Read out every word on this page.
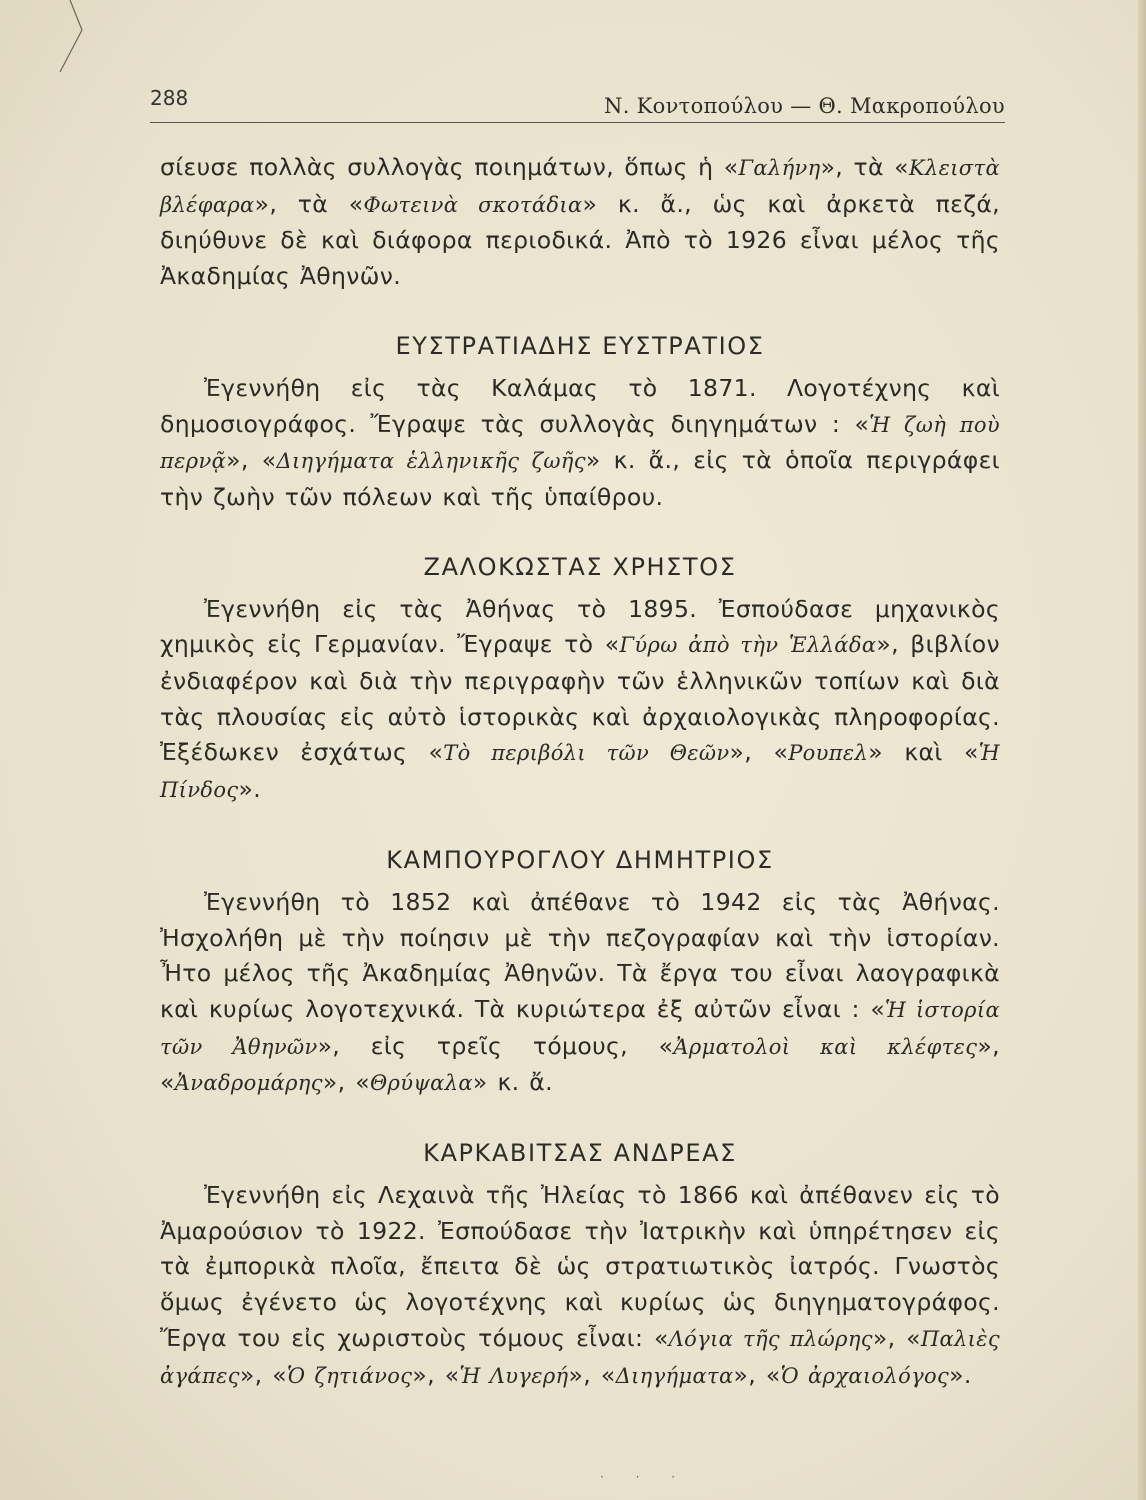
288	Ν. Κοντοπούλου — Θ. Μακροπούλου

σίευσε πολλὰς συλλογὰς ποιημάτων, ὅπως ἡ «Γαλήνη», τὰ «Κλειστὰ βλέφαρα», τὰ «Φωτεινὰ σκοτάδια» κ. ἄ., ὡς καὶ ἀρκετὰ πεζά, διηύθυνε δὲ καὶ διάφορα περιοδικά. Ἀπὸ τὸ 1926 εἶναι μέλος τῆς Ἀκαδημίας Ἀθηνῶν.

ΕΥΣΤΡΑΤΙΑΔΗΣ ΕΥΣΤΡΑΤΙΟΣ

Ἐγεννήθη εἰς τὰς Καλάμας τὸ 1871. Λογοτέχνης καὶ δημοσιογράφος. Ἔγραψε τὰς συλλογὰς διηγημάτων : «Ἡ ζωὴ ποὺ περνᾷ», «Διηγήματα ἑλληνικῆς ζωῆς» κ. ἄ., εἰς τὰ ὁποῖα περιγράφει τὴν ζωὴν τῶν πόλεων καὶ τῆς ὑπαίθρου.

ΖΑΛΟΚΩΣΤΑΣ ΧΡΗΣΤΟΣ

Ἐγεννήθη εἰς τὰς Ἀθήνας τὸ 1895. Ἐσπούδασε μηχανικὸς χημικὸς εἰς Γερμανίαν. Ἔγραψε τὸ «Γύρω ἀπὸ τὴν Ἑλλάδα», βιβλίον ἐνδιαφέρον καὶ διὰ τὴν περιγραφὴν τῶν ἑλληνικῶν τοπίων καὶ διὰ τὰς πλουσίας εἰς αὐτὸ ἱστορικὰς καὶ ἀρχαιολογικὰς πληροφορίας. Ἐξέδωκεν ἐσχάτως «Τὸ περιβόλι τῶν Θεῶν», «Ρουπελ» καὶ «Ἡ Πίνδος».

ΚΑΜΠΟΥΡΟΓΛΟΥ ΔΗΜΗΤΡΙΟΣ

Ἐγεννήθη τὸ 1852 καὶ ἀπέθανε τὸ 1942 εἰς τὰς Ἀθήνας. Ἠσχολήθη μὲ τὴν ποίησιν μὲ τὴν πεζογραφίαν καὶ τὴν ἱστορίαν. Ἦτο μέλος τῆς Ἀκαδημίας Ἀθηνῶν. Τὰ ἔργα του εἶναι λαογραφικὰ καὶ κυρίως λογοτεχνικά. Τὰ κυριώτερα ἐξ αὐτῶν εἶναι : «Ἡ ἱστορία τῶν Ἀθηνῶν», εἰς τρεῖς τόμους, «Ἀρματολοὶ καὶ κλέφτες», «Ἀναδρομάρης», «Θρύψαλα» κ. ἄ.

ΚΑΡΚΑΒΙΤΣΑΣ ΑΝΔΡΕΑΣ

Ἐγεννήθη εἰς Λεχαινὰ τῆς Ἠλείας τὸ 1866 καὶ ἀπέθανεν εἰς τὸ Ἀμαρούσιον τὸ 1922. Ἐσπούδασε τὴν Ἰατρικὴν καὶ ὑπηρέτησεν εἰς τὰ ἐμπορικὰ πλοῖα, ἔπειτα δὲ ὡς στρατιωτικὸς ἰατρός. Γνωστὸς ὅμως ἐγένετο ὡς λογοτέχνης καὶ κυρίως ὡς διηγηματογράφος. Ἔργα του εἰς χωριστοὺς τόμους εἶναι: «Λόγια τῆς πλώρης», «Παλιὲς ἀγάπες», «Ὁ ζητιάνος», «Ἡ Λυγερή», «Διηγήματα», «Ὁ ἀρχαιολόγος».

· · ·
